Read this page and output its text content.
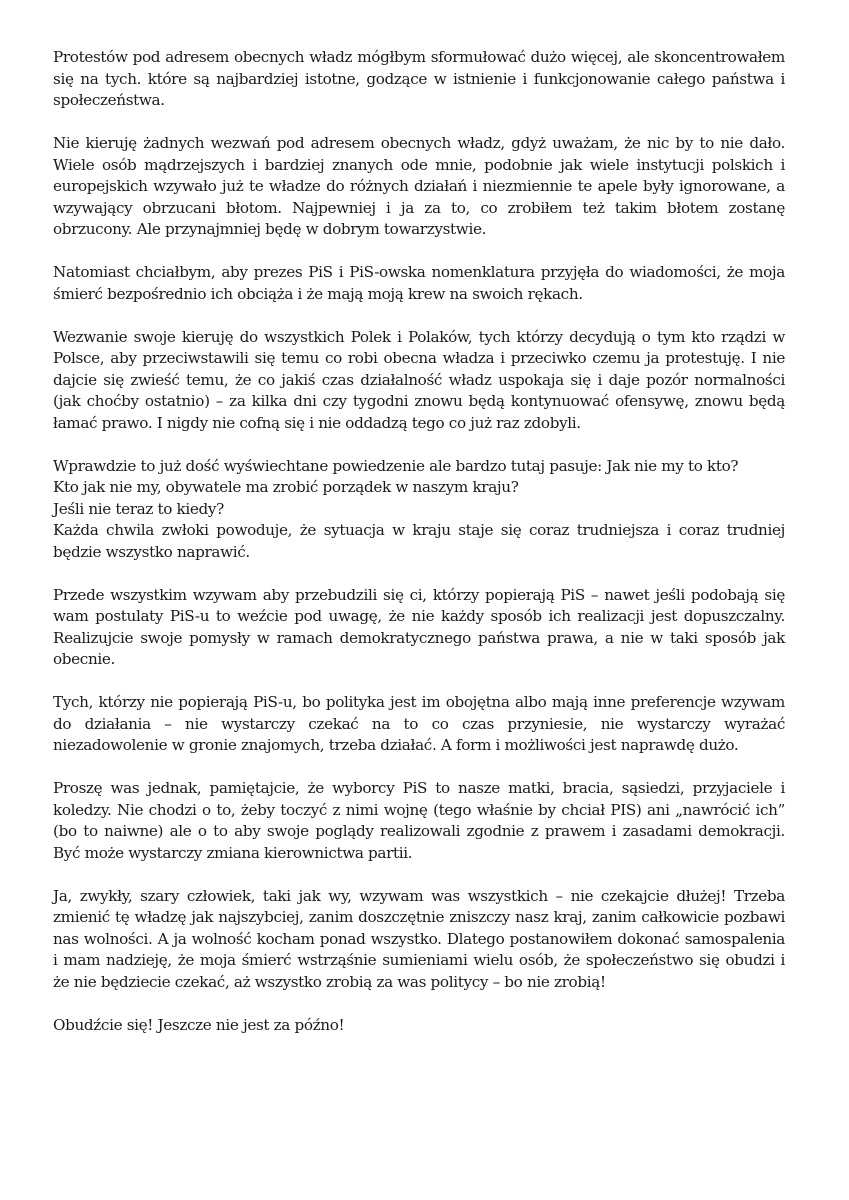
Protestów pod adresem obecnych władz mógłbym sformułować dużo więcej, ale skoncentrowałem się na tych. które są najbardziej istotne, godzące w istnienie i funkcjonowanie całego państwa i społeczeństwa.

Nie kieruję żadnych wezwań pod adresem obecnych władz, gdyż uważam, że nic by to nie dało. Wiele osób mądrzejszych i bardziej znanych ode mnie, podobnie jak wiele instytucji polskich i europejskich wzywało już te władze do różnych działań i niezmiennie te apele były ignorowane, a wzywający obrzucani błotom. Najpewniej i ja za to, co zrobiłem też takim błotem zostanę obrzucony. Ale przynajmniej będę w dobrym towarzystwie.

Natomiast chciałbym, aby prezes PiS i PiS-owska nomenklatura przyjęła do wiadomości, że moja śmierć bezpośrednio ich obciąża i że mają moją krew na swoich rękach.

Wezwanie swoje kieruję do wszystkich Polek i Polaków, tych którzy decydują o tym kto rządzi w Polsce, aby przeciwstawili się temu co robi obecna władza i przeciwko czemu ja protestuję. I nie dajcie się zwieść temu, że co jakiś czas działalność władz uspokaja się i daje pozór normalności (jak choćby ostatnio) – za kilka dni czy tygodni znowu będą kontynuować ofensywę, znowu będą łamać prawo. I nigdy nie cofną się i nie oddadzą tego co już raz zdobyli.

Wprawdzie to już dość wyświechtane powiedzenie ale bardzo tutaj pasuje: Jak nie my to kto?
Kto jak nie my, obywatele ma zrobić porządek w naszym kraju?
Jeśli nie teraz to kiedy?
Każda chwila zwłoki powoduje, że sytuacja w kraju staje się coraz trudniejsza i coraz trudniej będzie wszystko naprawić.

Przede wszystkim wzywam aby przebudzili się ci, którzy popierają PiS – nawet jeśli podobają się wam postulaty PiS-u to weźcie pod uwagę, że nie każdy sposób ich realizacji jest dopuszczalny. Realizujcie swoje pomysły w ramach demokratycznego państwa prawa, a nie w taki sposób jak obecnie.

Tych, którzy nie popierają PiS-u, bo polityka jest im obojętna albo mają inne preferencje wzywam do działania – nie wystarczy czekać na to co czas przyniesie, nie wystarczy wyrażać niezadowolenie w gronie znajomych, trzeba działać. A form i możliwości jest naprawdę dużo.

Proszę was jednak, pamiętajcie, że wyborcy PiS to nasze matki, bracia, sąsiedzi, przyjaciele i koledzy. Nie chodzi o to, żeby toczyć z nimi wojnę (tego właśnie by chciał PIS) ani „nawrócić ich” (bo to naiwne) ale o to aby swoje poglądy realizowali zgodnie z prawem i zasadami demokracji. Być może wystarczy zmiana kierownictwa partii.

Ja, zwykły, szary człowiek, taki jak wy, wzywam was wszystkich – nie czekajcie dłużej! Trzeba zmienić tę władzę jak najszybciej, zanim doszczętnie zniszczy nasz kraj, zanim całkowicie pozbawi nas wolności. A ja wolność kocham ponad wszystko. Dlatego postanowiłem dokonać samospalenia i mam nadzieję, że moja śmierć wstrząśnie sumieniami wielu osób, że społeczeństwo się obudzi i że nie będziecie czekać, aż wszystko zrobią za was politycy – bo nie zrobią!

Obudźcie się! Jeszcze nie jest za późno!
